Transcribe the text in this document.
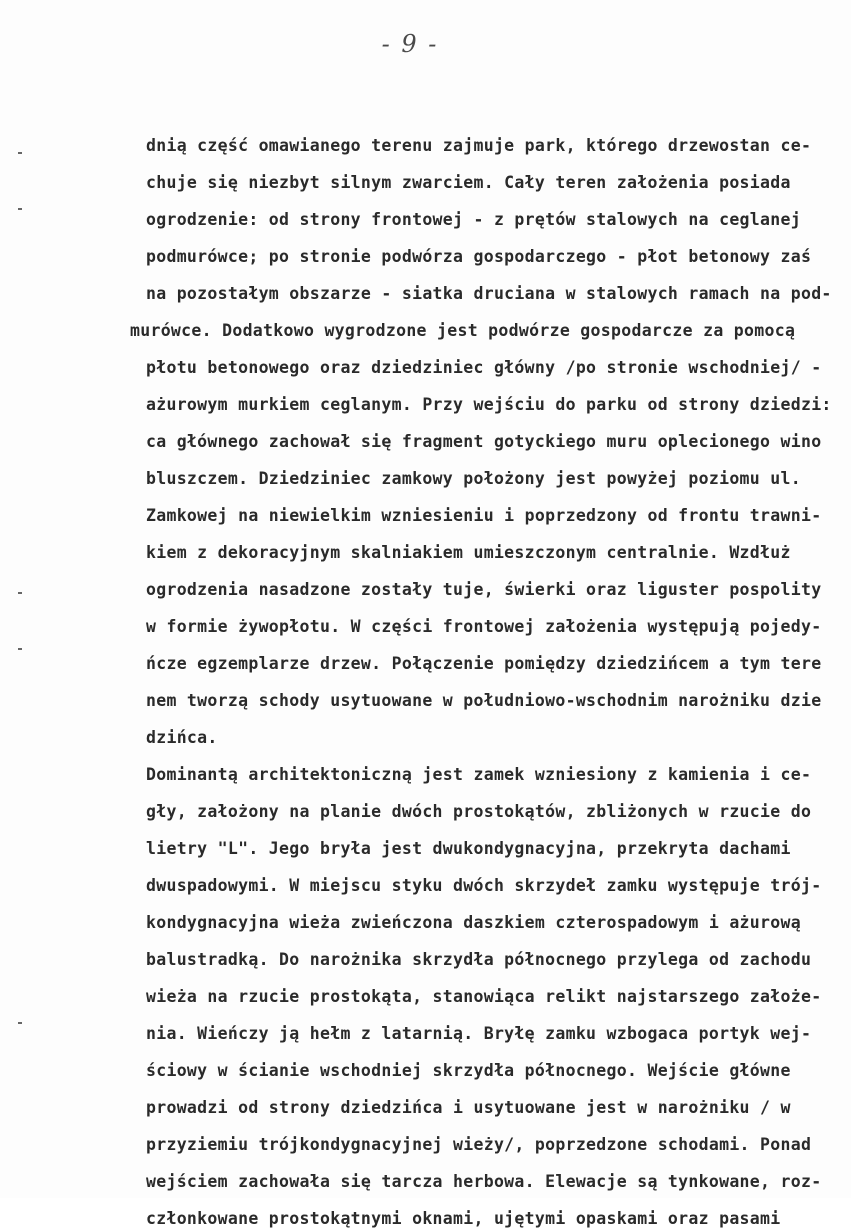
- 9 -
dnią część omawianego terenu zajmuje park, którego drzewostan ce-
chuje się niezbyt silnym zwarciem. Cały teren założenia posiada
ogrodzenie: od strony frontowej - z prętów stalowych na ceglanej
podmurówce; po stronie podwórza gospodarczego - płot betonowy zaś
na pozostałym obszarze - siatka druciana w stalowych ramach na pod-
murówce. Dodatkowo wygrodzone jest podwórze gospodarcze za pomocą
płotu betonowego oraz dziedziniec główny /po stronie wschodniej/ -
ażurowym murkiem ceglanym. Przy wejściu do parku od strony dziedzi:
ca głównego zachował się fragment gotyckiego muru oplecionego wino
bluszczem. Dziedziniec zamkowy położony jest powyżej poziomu ul.
Zamkowej na niewielkim wzniesieniu i poprzedzony od frontu trawni-
kiem z dekoracyjnym skalniakiem umieszczonym centralnie. Wzdłuż
ogrodzenia nasadzone zostały tuje, świerki oraz liguster pospolity
w formie żywopłotu. W części frontowej założenia występują pojedy-
ńcze egzemplarze drzew. Połączenie pomiędzy dziedzińcem a tym tere
nem tworzą schody usytuowane w południowo-wschodnim narożniku dzie
dzińca.
Dominantą architektoniczną jest zamek wzniesiony z kamienia i ce-
gły, założony na planie dwóch prostokątów, zbliżonych w rzucie do
lietry "L". Jego bryła jest dwukondygnacyjna, przekryta dachami
dwuspadowymi. W miejscu styku dwóch skrzydeł zamku występuje trój-
kondygnacyjna wieża zwieńczona daszkiem czterospadowym i ażurową
balustradką. Do narożnika skrzydła północnego przylega od zachodu
wieża na rzucie prostokąta, stanowiąca relikt najstarszego założe-
nia. Wieńczy ją hełm z latarnią. Bryłę zamku wzbogaca portyk wej-
ściowy w ścianie wschodniej skrzydła północnego. Wejście główne
prowadzi od strony dziedzińca i usytuowane jest w narożniku / w
przyziemiu trójkondygnacyjnej wieży/, poprzedzone schodami. Ponad
wejściem zachowała się tarcza herbowa. Elewacje są tynkowane, roz-
członkowane prostokątnymi oknami, ujętymi opaskami oraz pasami
